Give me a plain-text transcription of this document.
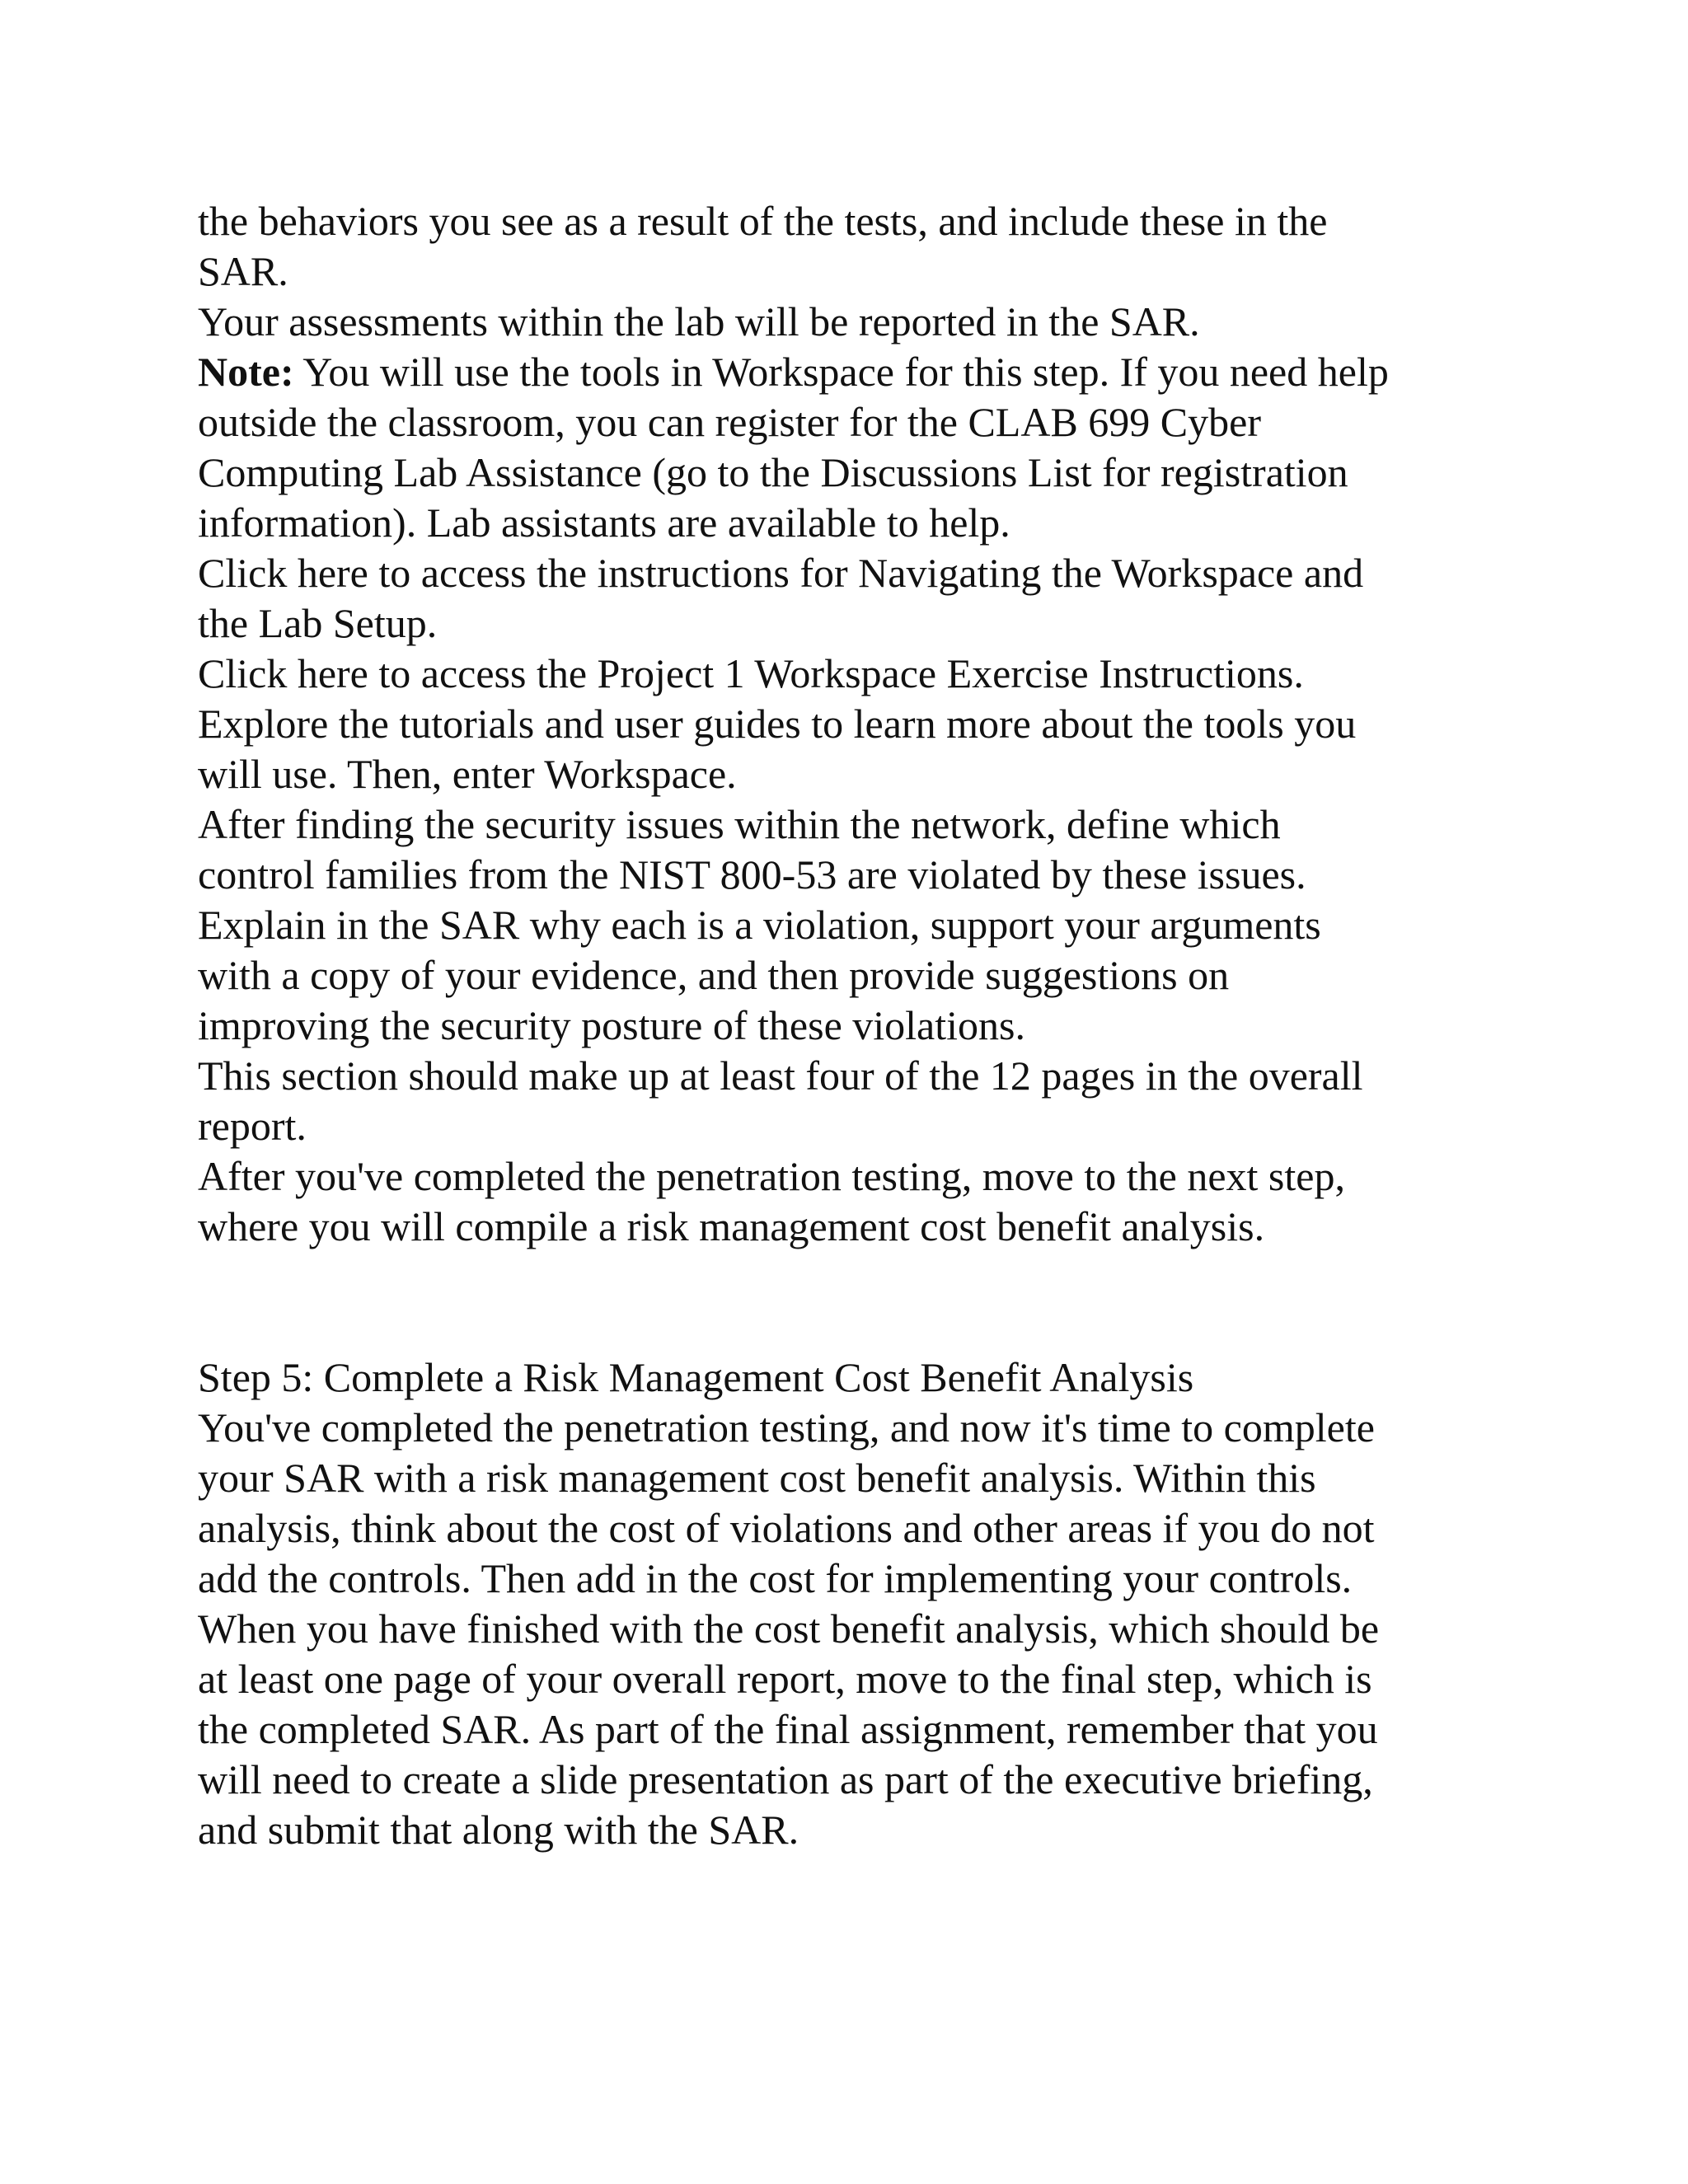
the behaviors you see as a result of the tests, and include these in the
SAR.
Your assessments within the lab will be reported in the SAR.
Note: You will use the tools in Workspace for this step. If you need help
outside the classroom, you can register for the CLAB 699 Cyber
Computing Lab Assistance (go to the Discussions List for registration
information). Lab assistants are available to help.
Click here to access the instructions for Navigating the Workspace and
the Lab Setup.
Click here to access the Project 1 Workspace Exercise Instructions.
Explore the tutorials and user guides to learn more about the tools you
will use. Then, enter Workspace.
After finding the security issues within the network, define which
control families from the NIST 800-53 are violated by these issues.
Explain in the SAR why each is a violation, support your arguments
with a copy of your evidence, and then provide suggestions on
improving the security posture of these violations.
This section should make up at least four of the 12 pages in the overall
report.
After you've completed the penetration testing, move to the next step,
where you will compile a risk management cost benefit analysis.
Step 5: Complete a Risk Management Cost Benefit Analysis
You've completed the penetration testing, and now it's time to complete
your SAR with a risk management cost benefit analysis. Within this
analysis, think about the cost of violations and other areas if you do not
add the controls. Then add in the cost for implementing your controls.
When you have finished with the cost benefit analysis, which should be
at least one page of your overall report, move to the final step, which is
the completed SAR. As part of the final assignment, remember that you
will need to create a slide presentation as part of the executive briefing,
and submit that along with the SAR.
